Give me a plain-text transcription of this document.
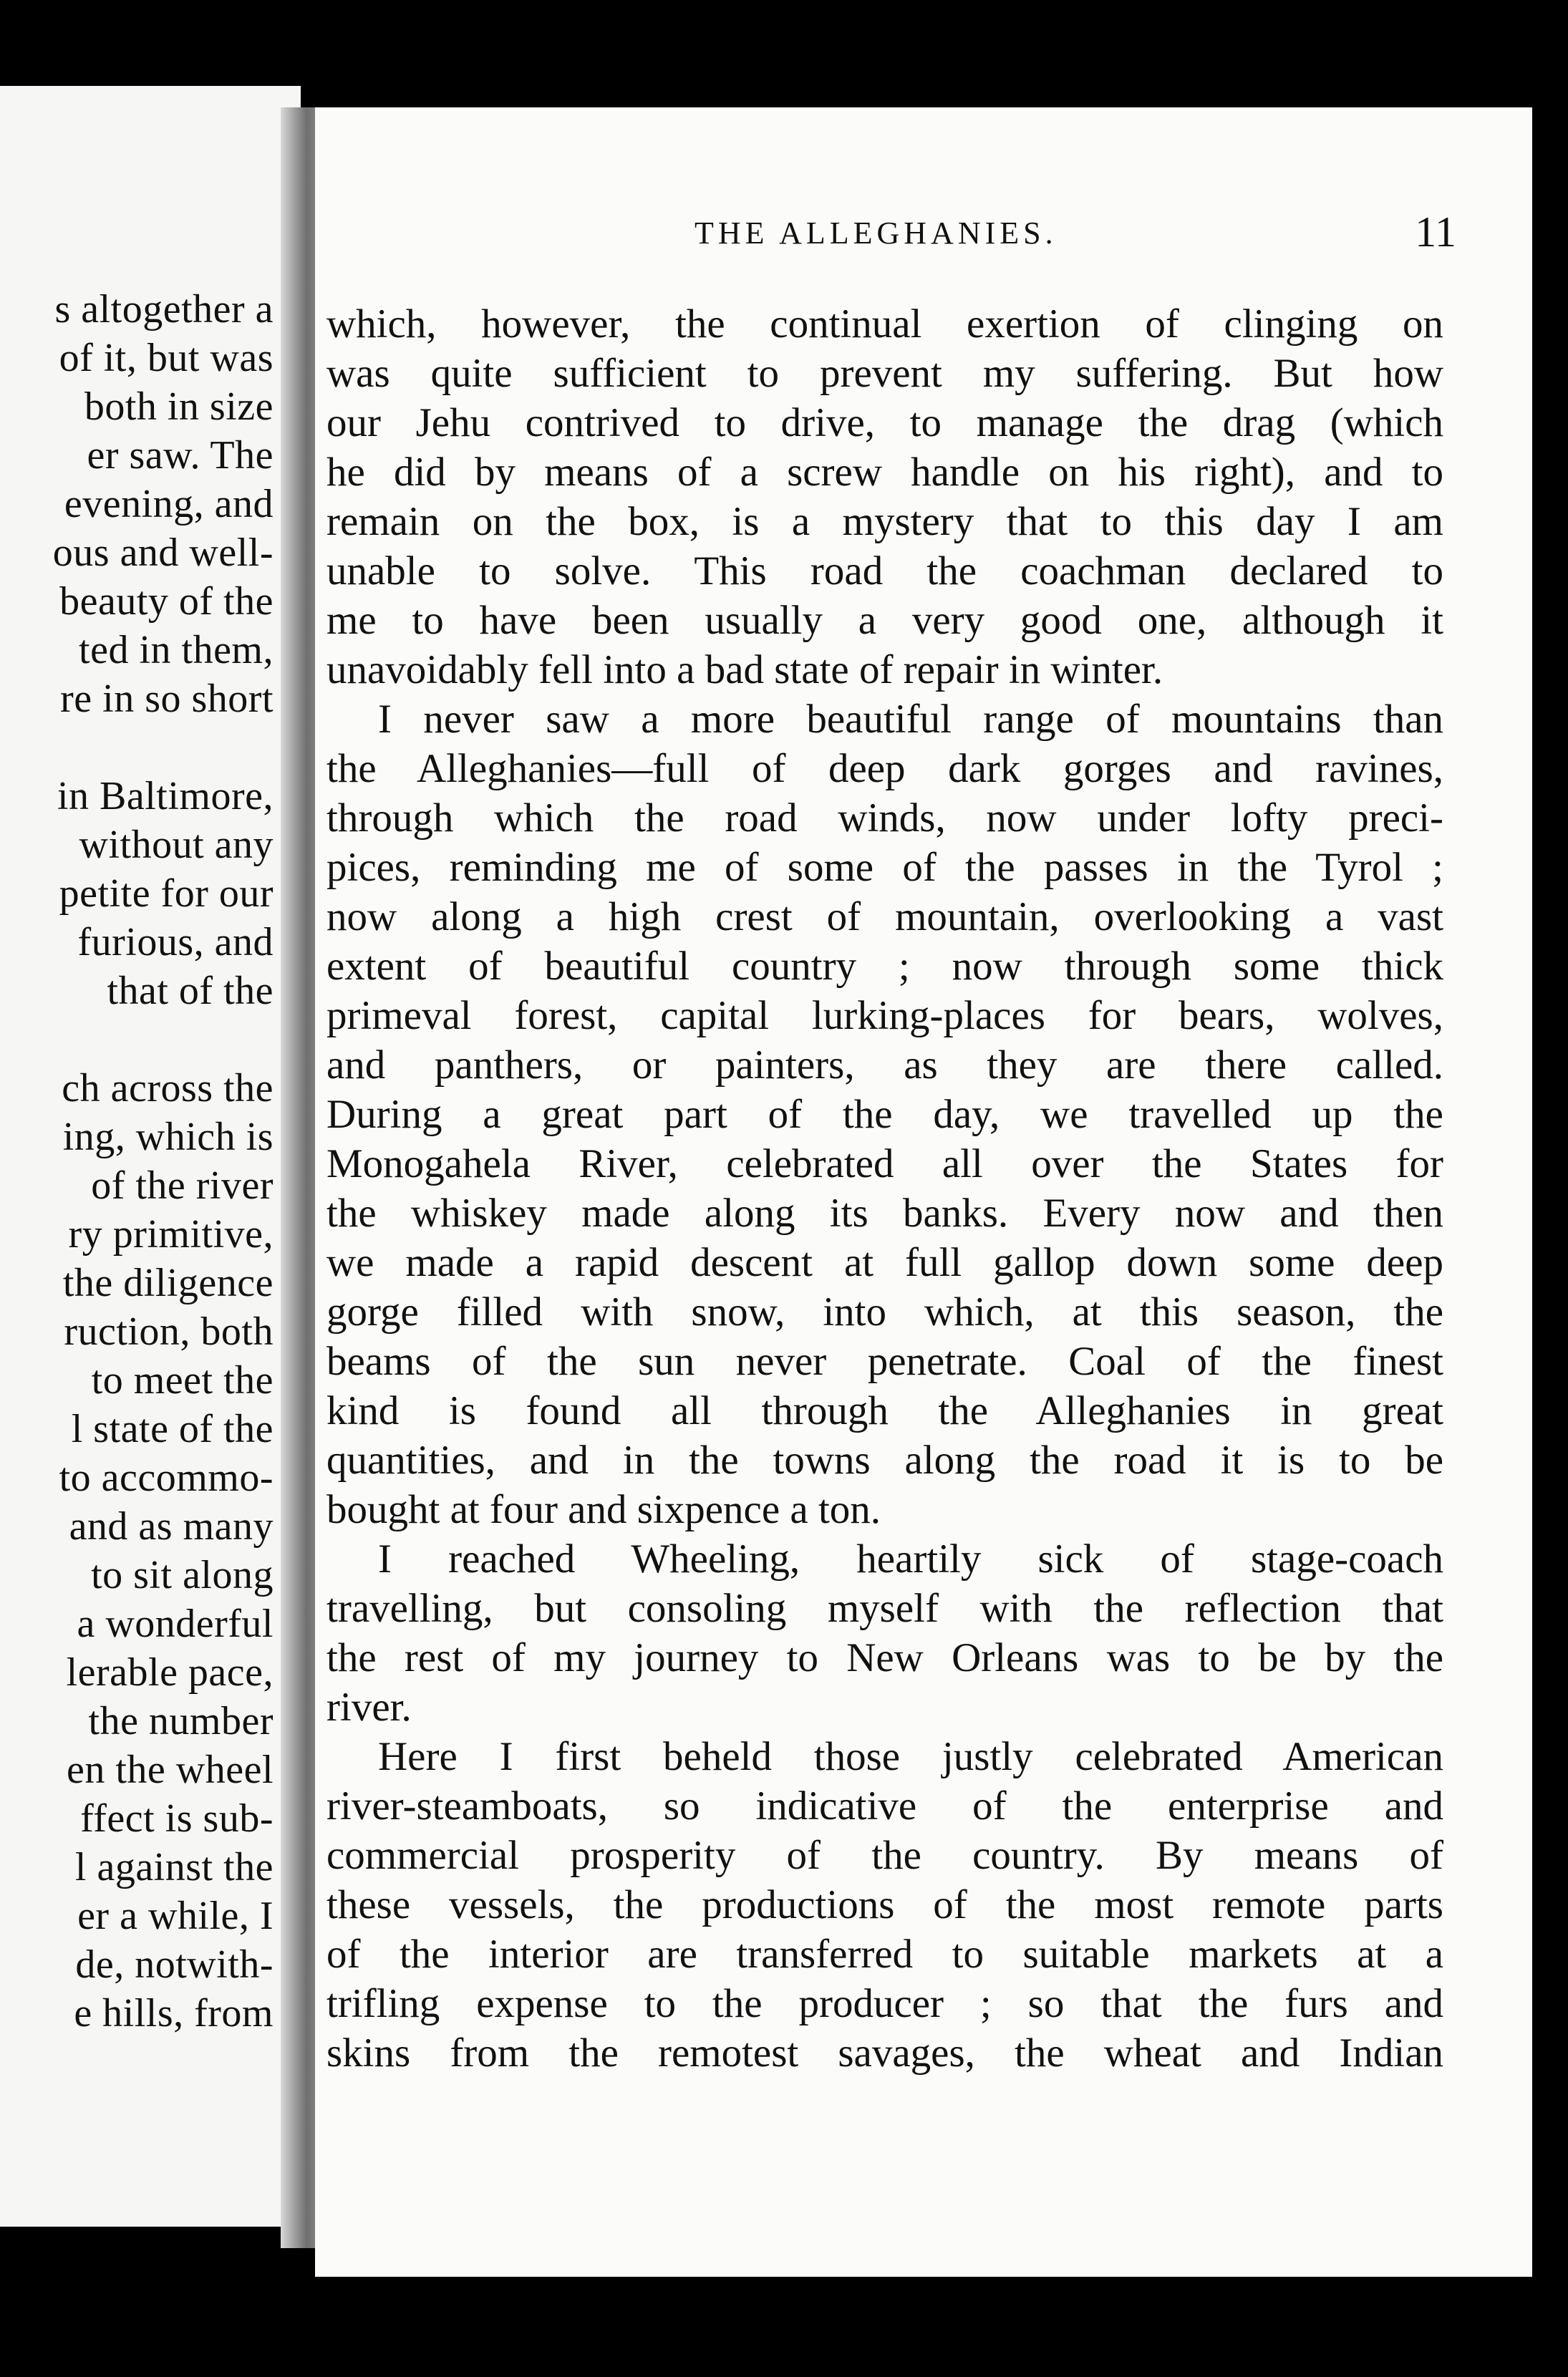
s altogether a
of it, but was
both in size
er saw. The
evening, and
ous and well-
beauty of the
ted in them,
re in so short
in Baltimore,
without any
petite for our
furious, and
that of the
ch across the
ing, which is
of the river
ry primitive,
the diligence
ruction, both
to meet the
l state of the
to accommo-
and as many
to sit along
a wonderful
lerable pace,
the number
en the wheel
ffect is sub-
l against the
er a while, I
de, notwith-
e hills, from
THE ALLEGHANIES.	11
which, however, the continual exertion of clinging on
was quite sufficient to prevent my suffering. But how
our Jehu contrived to drive, to manage the drag (which
he did by means of a screw handle on his right), and to
remain on the box, is a mystery that to this day I am
unable to solve. This road the coachman declared to
me to have been usually a very good one, although it
unavoidably fell into a bad state of repair in winter.
I never saw a more beautiful range of mountains than
the Alleghanies—full of deep dark gorges and ravines,
through which the road winds, now under lofty preci-
pices, reminding me of some of the passes in the Tyrol ;
now along a high crest of mountain, overlooking a vast
extent of beautiful country ; now through some thick
primeval forest, capital lurking-places for bears, wolves,
and panthers, or painters, as they are there called.
During a great part of the day, we travelled up the
Monogahela River, celebrated all over the States for
the whiskey made along its banks. Every now and then
we made a rapid descent at full gallop down some deep
gorge filled with snow, into which, at this season, the
beams of the sun never penetrate. Coal of the finest
kind is found all through the Alleghanies in great
quantities, and in the towns along the road it is to be
bought at four and sixpence a ton.
I reached Wheeling, heartily sick of stage-coach
travelling, but consoling myself with the reflection that
the rest of my journey to New Orleans was to be by the
river.
Here I first beheld those justly celebrated American
river-steamboats, so indicative of the enterprise and
commercial prosperity of the country. By means of
these vessels, the productions of the most remote parts
of the interior are transferred to suitable markets at a
trifling expense to the producer ; so that the furs and
skins from the remotest savages, the wheat and Indian
